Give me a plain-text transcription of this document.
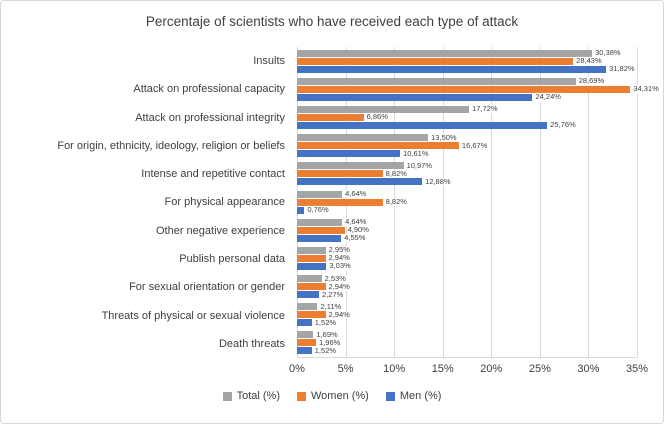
Percentaje of scientists who have received each type of attack
Insults
Attack on professional capacity
Attack on professional integrity
For origin, ethnicity, ideology, religion or beliefs
Intense and repetitive contact
For physical appearance
Other negative experience
Publish personal data
For sexual orientation or gender
Threats of physical or sexual violence
Death threats
30,38%
28,43%
31,82%
28,69%
34,31%
24,24%
17,72%
6,86%
25,76%
13,50%
16,67%
10,61%
10,97%
8,82%
12,88%
4,64%
8,82%
0,76%
4,64%
4,90%
4,55%
2,95%
2,94%
3,03%
2,53%
2,94%
2,27%
2,11%
2,94%
1,52%
1,69%
1,96%
1,52%
0%	5%	10% 15% 20% 25% 30% 35%
Total (%)	Women (%)	Men (%)
